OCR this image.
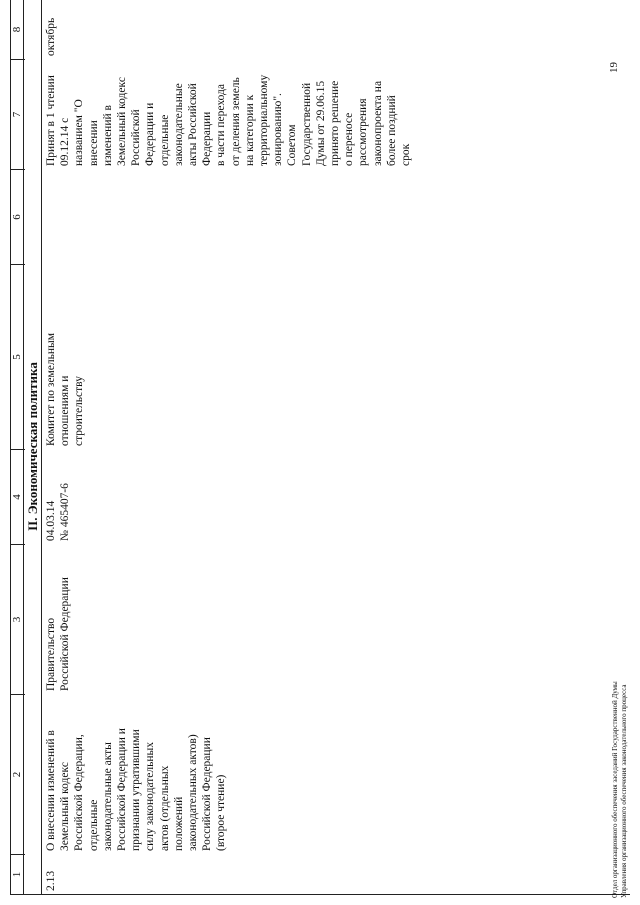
1
2
3
4
5
6
7
8
II. Экономическая политика
2.13
О внесении изменений в
Земельный кодекс
Российской Федерации,
отдельные
законодательные акты
Российской Федерации и
признании утратившими
силу законодательных
актов (отдельных
положений
законодательных актов)
Российской Федерации
(второе чтение)
Правительство
Российской Федерации
04.03.14
№ 465407-6
Комитет по земельным
отношениям и
строительству
Принят в 1 чтении
09.12.14 с
названием "О
внесении
изменений в
Земельный кодекс
Российской
Федерации и
отдельные
законодательные
акты Российской
Федерации
в части перехода
от деления земель
на категории к
территориальному
зонированию".
Советом
Государственной
Думы от 29.06.15
принято решение
о переносе
рассмотрения
законопроекта на
более поздний
срок
октябрь
19
Отдел организационного обеспечения заседаний Государственной Думы Управления организационного обеспечения законодательного процесса
